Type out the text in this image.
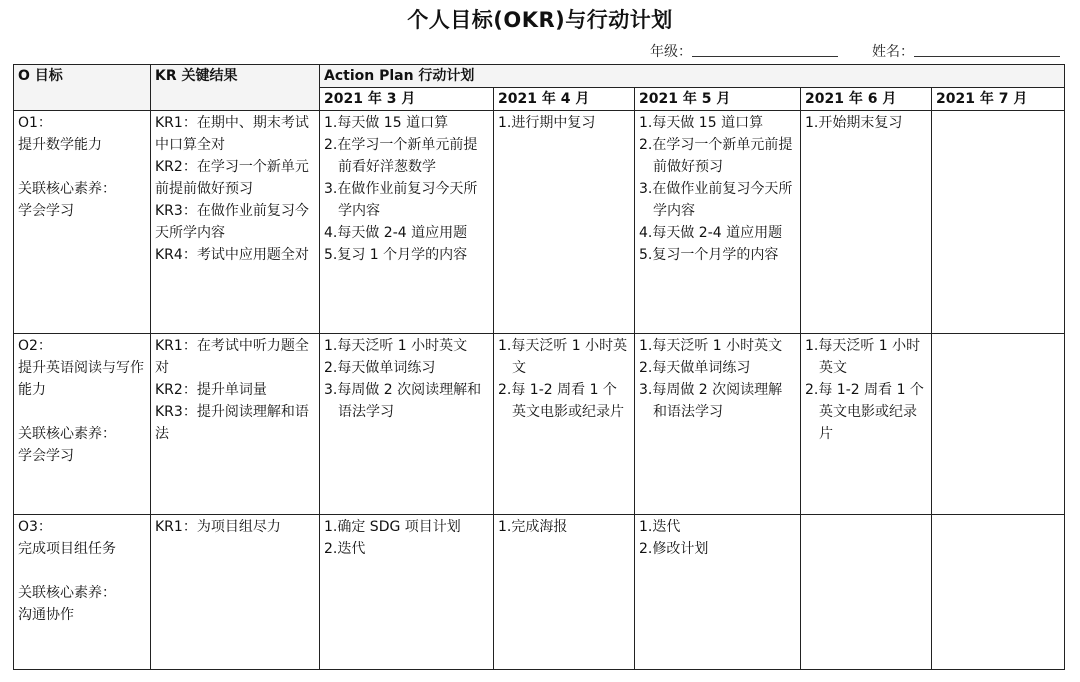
个人目标(OKR)与行动计划
年级：	姓名：
O 目标	KR 关键结果	Action Plan 行动计划				
		2021 年 3 月	2021 年 4 月	2021 年 5 月	2021 年 6 月	2021 年 7 月

O1：
提升数学能力
关联核心素养：
学会学习	KR1：在期中、期末考试中口算全对
KR2：在学习一个新单元前提前做好预习
KR3：在做作业前复习今天所学内容
KR4：考试中应用题全对	1.每天做 15 道口算
2.在学习一个新单元前提前看好洋葱数学
3.在做作业前复习今天所学内容
4.每天做 2-4 道应用题
5.复习 1 个月学的内容	1.进行期中复习	1.每天做 15 道口算
2.在学习一个新单元前提前做好预习
3.在做作业前复习今天所学内容
4.每天做 2-4 道应用题
5.复习一个月学的内容	1.开始期末复习	

O2：
提升英语阅读与写作能力
关联核心素养：
学会学习	KR1：在考试中听力题全对
KR2：提升单词量
KR3：提升阅读理解和语法	1.每天泛听 1 小时英文
2.每天做单词练习
3.每周做 2 次阅读理解和语法学习	1.每天泛听 1 小时英文
2.每 1-2 周看 1 个英文电影或纪录片	1.每天泛听 1 小时英文
2.每天做单词练习
3.每周做 2 次阅读理解和语法学习	1.每天泛听 1 小时英文
2.每 1-2 周看 1 个英文电影或纪录片	

O3：
完成项目组任务
关联核心素养：
沟通协作	KR1：为项目组尽力	1.确定 SDG 项目计划
2.迭代	1.完成海报	1.迭代
2.修改计划		
